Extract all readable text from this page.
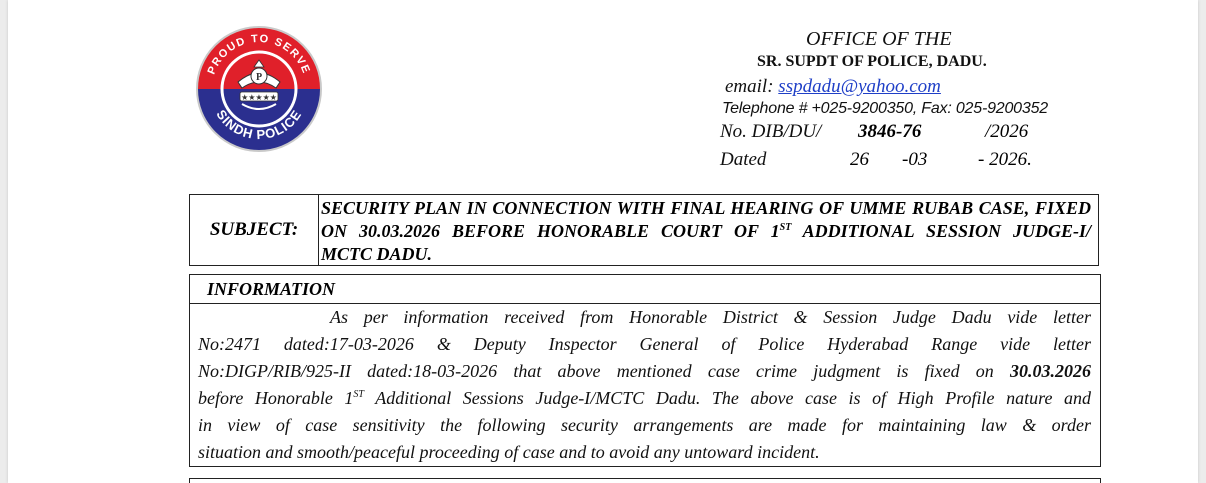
PROUD TO SERVE
SINDH POLICE
P
★★★★★
OFFICE OF THE
SR. SUPDT OF POLICE, DADU.
email: sspdadu@yahoo.com
Telephone # +025-9200350, Fax: 025-9200352
No. DIB/DU/ 3846-76	/2026
Dated	26 -03	- 2026.
SUBJECT:
SECURITY PLAN IN CONNECTION WITH FINAL HEARING OF UMME RUBAB CASE, FIXED
ON 30.03.2026 BEFORE HONORABLE COURT OF 1ST ADDITIONAL SESSION JUDGE-I/
MCTC DADU.
INFORMATION
As per information received from Honorable District & Session Judge Dadu vide letter
No:2471 dated:17-03-2026 & Deputy Inspector General of Police Hyderabad Range vide letter
No:DIGP/RIB/925-II dated:18-03-2026 that above mentioned case crime judgment is fixed on 30.03.2026
before Honorable 1ST Additional Sessions Judge-I/MCTC Dadu. The above case is of High Profile nature and
in view of case sensitivity the following security arrangements are made for maintaining law & order
situation and smooth/peaceful proceeding of case and to avoid any untoward incident.
